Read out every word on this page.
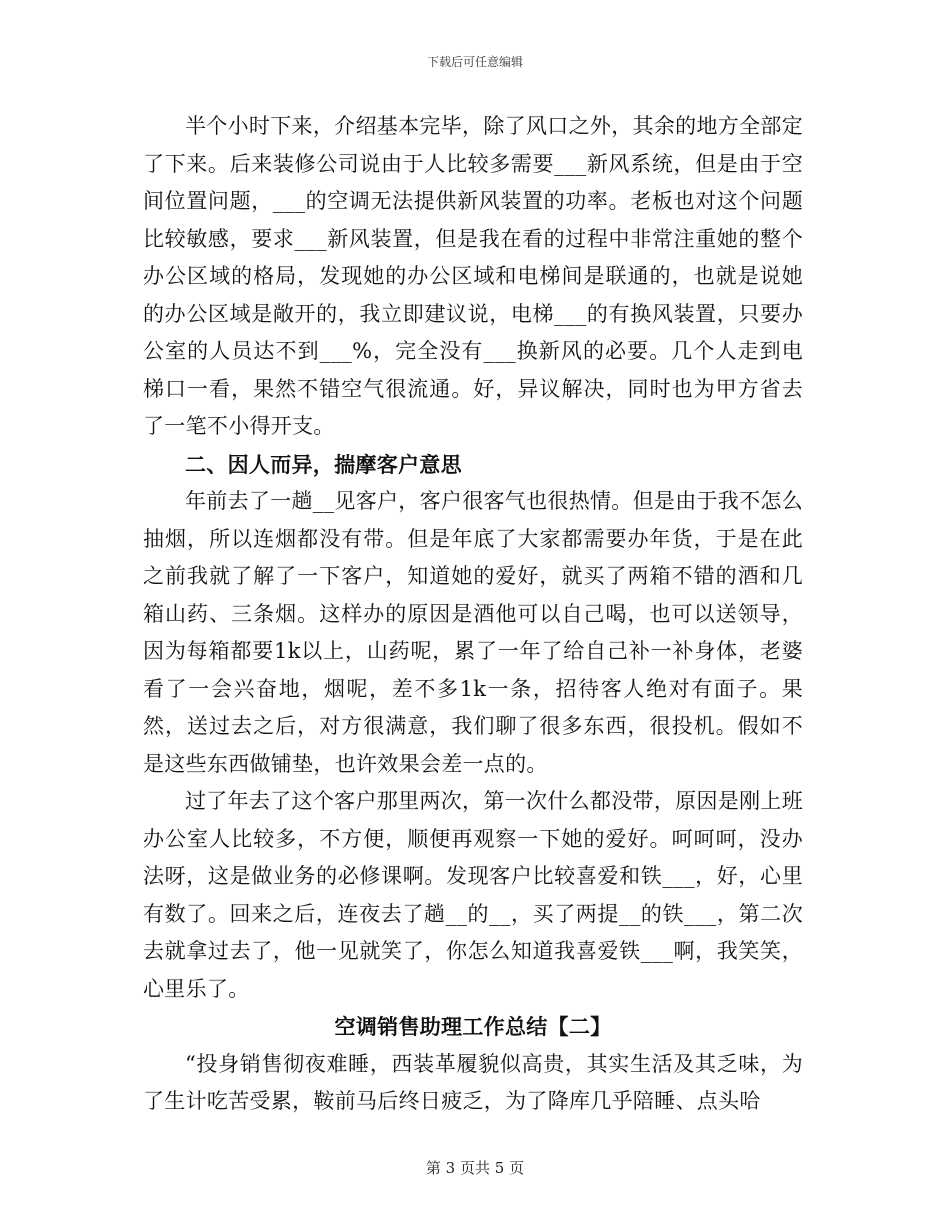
下载后可任意编辑

半个小时下来，介绍基本完毕，除了风口之外，其余的地方全部定了下来。后来装修公司说由于人比较多需要___新风系统，但是由于空间位置问题，___的空调无法提供新风装置的功率。老板也对这个问题比较敏感，要求___新风装置，但是我在看的过程中非常注重她的整个办公区域的格局，发现她的办公区域和电梯间是联通的，也就是说她的办公区域是敞开的，我立即建议说，电梯___的有换风装置，只要办公室的人员达不到___%，完全没有___换新风的必要。几个人走到电梯口一看，果然不错空气很流通。好，异议解决，同时也为甲方省去了一笔不小得开支。

二、因人而异，揣摩客户意思

年前去了一趟__见客户，客户很客气也很热情。但是由于我不怎么抽烟，所以连烟都没有带。但是年底了大家都需要办年货，于是在此之前我就了解了一下客户，知道她的爱好，就买了两箱不错的酒和几箱山药、三条烟。这样办的原因是酒他可以自己喝，也可以送领导，因为每箱都要1k以上，山药呢，累了一年了给自己补一补身体，老婆看了一会兴奋地，烟呢，差不多1k一条，招待客人绝对有面子。果然，送过去之后，对方很满意，我们聊了很多东西，很投机。假如不是这些东西做铺垫，也许效果会差一点的。

过了年去了这个客户那里两次，第一次什么都没带，原因是刚上班办公室人比较多，不方便，顺便再观察一下她的爱好。呵呵呵，没办法呀，这是做业务的必修课啊。发现客户比较喜爱和铁___，好，心里有数了。回来之后，连夜去了趟__的__，买了两提__的铁___，第二次去就拿过去了，他一见就笑了，你怎么知道我喜爱铁___啊，我笑笑，心里乐了。

空调销售助理工作总结【二】

“投身销售彻夜难睡，西装革履貌似高贵，其实生活及其乏味，为了生计吃苦受累，鞍前马后终日疲乏，为了降库几乎陪睡、点头哈

第 3 页共 5 页
